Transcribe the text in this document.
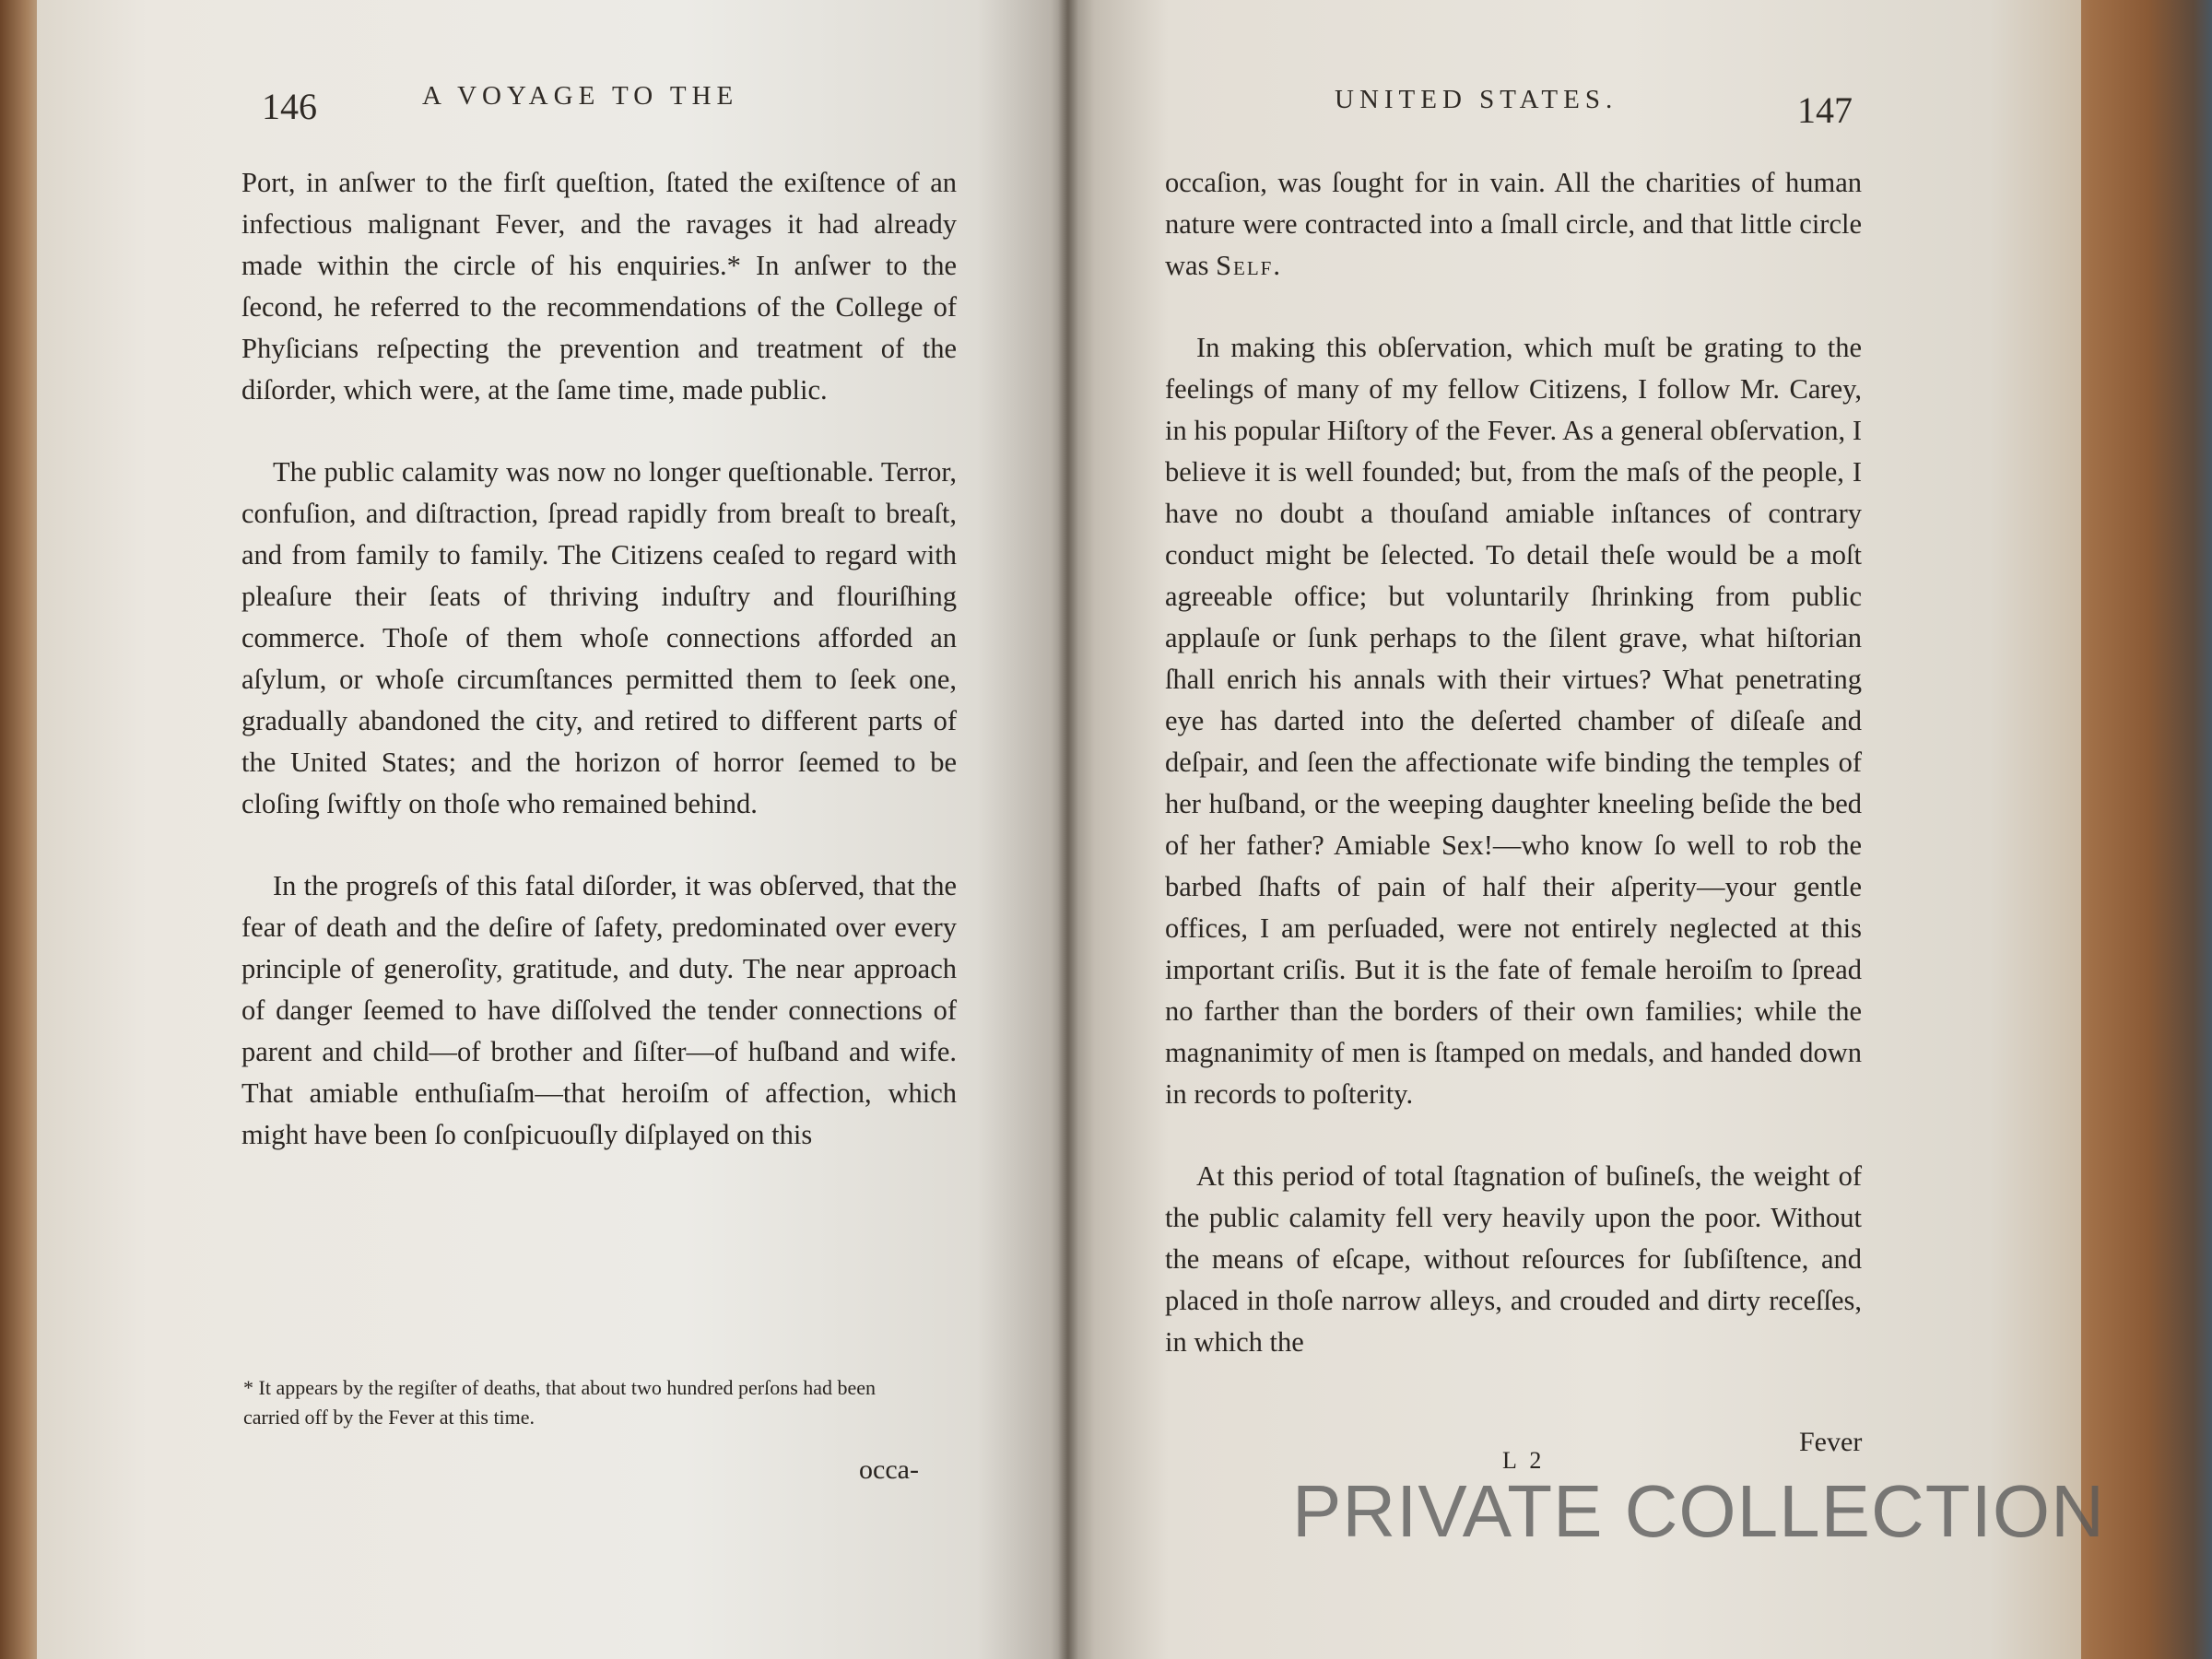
146	A VOYAGE TO THE

Port, in anſwer to the firſt queſtion, ſtated the exiſtence of an infectious malignant Fever, and the ravages it had already made within the circle of his enquiries.* In anſwer to the ſecond, he referred to the recommendations of the College of Phyſicians reſpecting the prevention and treatment of the diſorder, which were, at the ſame time, made public.

The public calamity was now no longer queſtionable. Terror, confuſion, and diſtraction, ſpread rapidly from breaſt to breaſt, and from family to family. The Citizens ceaſed to regard with pleaſure their ſeats of thriving induſtry and flouriſhing commerce. Thoſe of them whoſe connections afforded an aſylum, or whoſe circumſtances permitted them to ſeek one, gradually abandoned the city, and retired to different parts of the United States; and the horizon of horror ſeemed to be cloſing ſwiftly on thoſe who remained behind.

In the progreſs of this fatal diſorder, it was obſerved, that the fear of death and the deſire of ſafety, predominated over every principle of generoſity, gratitude, and duty. The near approach of danger ſeemed to have diſſolved the tender connections of parent and child—of brother and ſiſter—of huſband and wife. That amiable enthuſiaſm—that heroiſm of affection, which might have been ſo conſpicuouſly diſplayed on this

* It appears by the regiſter of deaths, that about two hundred perſons had been carried off by the Fever at this time.
occa-
UNITED STATES.	147

occaſion, was ſought for in vain. All the charities of human nature were contracted into a ſmall circle, and that little circle was Self.

In making this obſervation, which muſt be grating to the feelings of many of my fellow Citizens, I follow Mr. Carey, in his popular Hiſtory of the Fever. As a general obſervation, I believe it is well founded; but, from the maſs of the people, I have no doubt a thouſand amiable inſtances of contrary conduct might be ſelected. To detail theſe would be a moſt agreeable office; but voluntarily ſhrinking from public applauſe or ſunk perhaps to the ſilent grave, what hiſtorian ſhall enrich his annals with their virtues? What penetrating eye has darted into the deſerted chamber of diſeaſe and deſpair, and ſeen the affectionate wife binding the temples of her huſband, or the weeping daughter kneeling beſide the bed of her father? Amiable Sex!—who know ſo well to rob the barbed ſhafts of pain of half their aſperity—your gentle offices, I am perſuaded, were not entirely neglected at this important criſis. But it is the fate of female heroiſm to ſpread no farther than the borders of their own families; while the magnanimity of men is ſtamped on medals, and handed down in records to poſterity.

At this period of total ſtagnation of buſineſs, the weight of the public calamity fell very heavily upon the poor. Without the means of eſcape, without reſources for ſubſiſtence, and placed in thoſe narrow alleys, and crouded and dirty receſſes, in which the

L 2
Fever
PRIVATE COLLECTION
